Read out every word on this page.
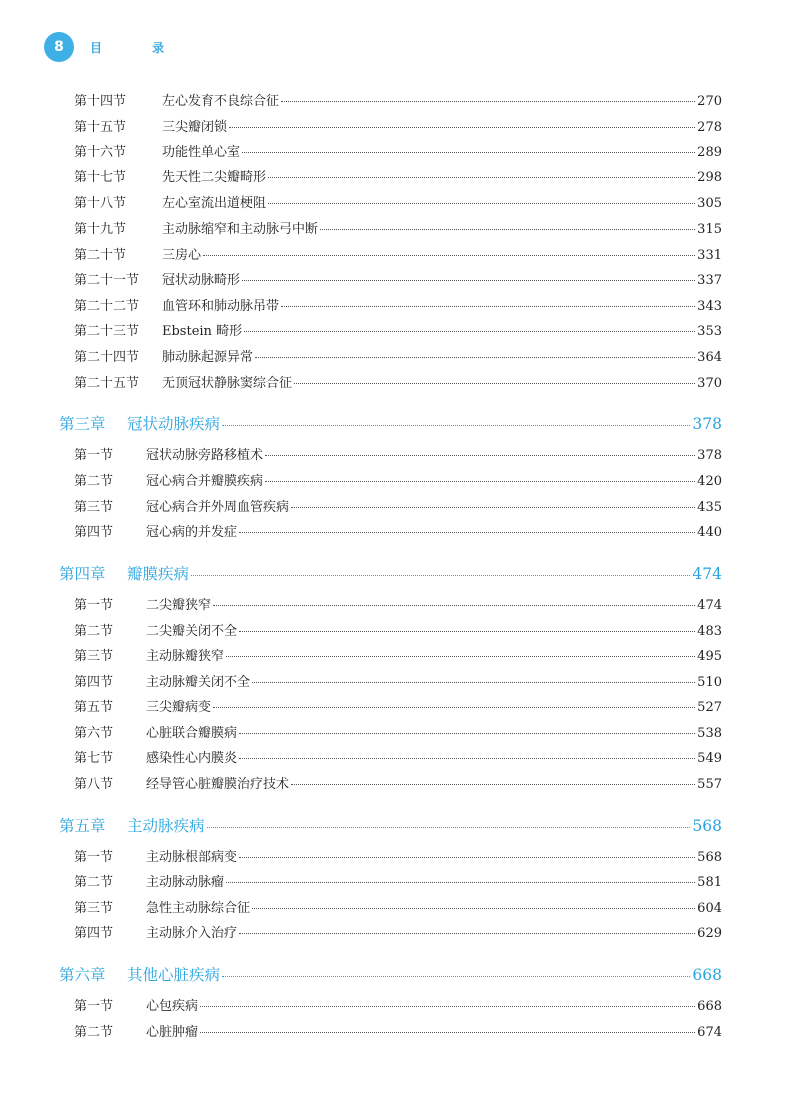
8	目 录
第十四节	左心发育不良综合征	270
第十五节	三尖瓣闭锁	278
第十六节	功能性单心室	289
第十七节	先天性二尖瓣畸形	298
第十八节	左心室流出道梗阻	305
第十九节	主动脉缩窄和主动脉弓中断	315
第二十节	三房心	331
第二十一节	冠状动脉畸形	337
第二十二节	血管环和肺动脉吊带	343
第二十三节	Ebstein 畸形	353
第二十四节	肺动脉起源异常	364
第二十五节	无顶冠状静脉窦综合征	370
第三章	冠状动脉疾病	378
第一节	冠状动脉旁路移植术	378
第二节	冠心病合并瓣膜疾病	420
第三节	冠心病合并外周血管疾病	435
第四节	冠心病的并发症	440
第四章	瓣膜疾病	474
第一节	二尖瓣狭窄	474
第二节	二尖瓣关闭不全	483
第三节	主动脉瓣狭窄	495
第四节	主动脉瓣关闭不全	510
第五节	三尖瓣病变	527
第六节	心脏联合瓣膜病	538
第七节	感染性心内膜炎	549
第八节	经导管心脏瓣膜治疗技术	557
第五章	主动脉疾病	568
第一节	主动脉根部病变	568
第二节	主动脉动脉瘤	581
第三节	急性主动脉综合征	604
第四节	主动脉介入治疗	629
第六章	其他心脏疾病	668
第一节	心包疾病	668
第二节	心脏肿瘤	674
